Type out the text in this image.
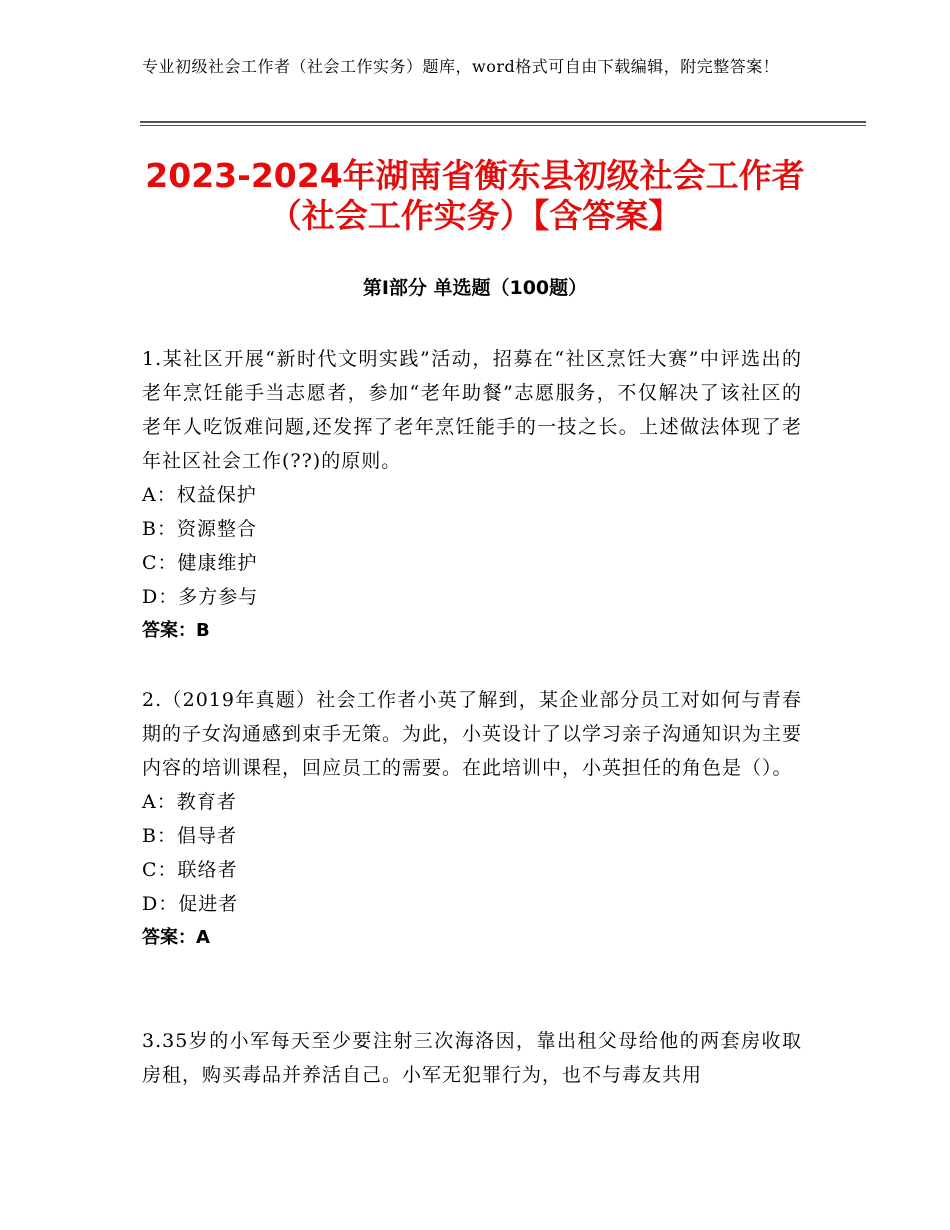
专业初级社会工作者（社会工作实务）题库，word格式可自由下载编辑，附完整答案！
2023-2024年湖南省衡东县初级社会工作者
（社会工作实务）【含答案】
第Ⅰ部分 单选题（100题）
1.某社区开展“新时代文明实践”活动，招募在“社区烹饪大赛”中评选出的老年烹饪能手当志愿者，参加“老年助餐”志愿服务，不仅解决了该社区的老年人吃饭难问题,还发挥了老年烹饪能手的一技之长。上述做法体现了老年社区社会工作(??)的原则。
A：权益保护
B：资源整合
C：健康维护
D：多方参与
答案：B
2.（2019年真题）社会工作者小英了解到，某企业部分员工对如何与青春期的子女沟通感到束手无策。为此，小英设计了以学习亲子沟通知识为主要内容的培训课程，回应员工的需要。在此培训中，小英担任的角色是（）。
A：教育者
B：倡导者
C：联络者
D：促进者
答案：A
3.35岁的小军每天至少要注射三次海洛因，靠出租父母给他的两套房收取房租，购买毒品并养活自己。小军无犯罪行为，也不与毒友共用
